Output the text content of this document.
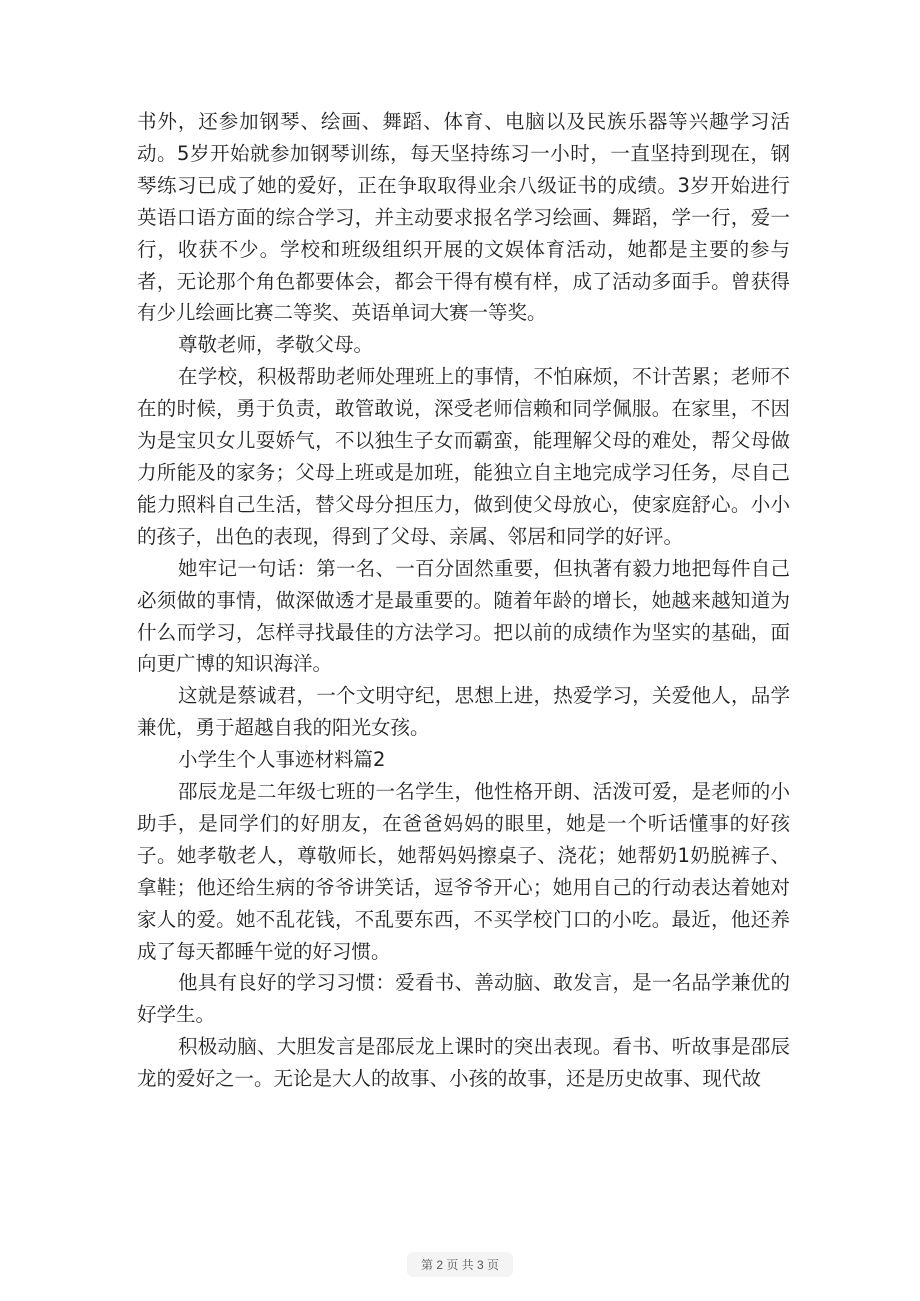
书外，还参加钢琴、绘画、舞蹈、体育、电脑以及民族乐器等兴趣学习活动。5岁开始就参加钢琴训练，每天坚持练习一小时，一直坚持到现在，钢琴练习已成了她的爱好，正在争取取得业余八级证书的成绩。3岁开始进行英语口语方面的综合学习，并主动要求报名学习绘画、舞蹈，学一行，爱一行，收获不少。学校和班级组织开展的文娱体育活动，她都是主要的参与者，无论那个角色都要体会，都会干得有模有样，成了活动多面手。曾获得有少儿绘画比赛二等奖、英语单词大赛一等奖。

尊敬老师，孝敬父母。

在学校，积极帮助老师处理班上的事情，不怕麻烦，不计苦累；老师不在的时候，勇于负责，敢管敢说，深受老师信赖和同学佩服。在家里，不因为是宝贝女儿耍娇气，不以独生子女而霸蛮，能理解父母的难处，帮父母做力所能及的家务；父母上班或是加班，能独立自主地完成学习任务，尽自己能力照料自己生活，替父母分担压力，做到使父母放心，使家庭舒心。小小的孩子，出色的表现，得到了父母、亲属、邻居和同学的好评。

她牢记一句话：第一名、一百分固然重要，但执著有毅力地把每件自己必须做的事情，做深做透才是最重要的。随着年龄的增长，她越来越知道为什么而学习，怎样寻找最佳的方法学习。把以前的成绩作为坚实的基础，面向更广博的知识海洋。

这就是蔡诚君，一个文明守纪，思想上进，热爱学习，关爱他人，品学兼优，勇于超越自我的阳光女孩。

小学生个人事迹材料篇2

邵辰龙是二年级七班的一名学生，他性格开朗、活泼可爱，是老师的小助手，是同学们的好朋友，在爸爸妈妈的眼里，她是一个听话懂事的好孩子。她孝敬老人，尊敬师长，她帮妈妈擦桌子、浇花；她帮奶1奶脱裤子、拿鞋；他还给生病的爷爷讲笑话，逗爷爷开心；她用自己的行动表达着她对家人的爱。她不乱花钱，不乱要东西，不买学校门口的小吃。最近，他还养成了每天都睡午觉的好习惯。

他具有良好的学习习惯：爱看书、善动脑、敢发言，是一名品学兼优的好学生。

积极动脑、大胆发言是邵辰龙上课时的突出表现。看书、听故事是邵辰龙的爱好之一。无论是大人的故事、小孩的故事，还是历史故事、现代故

第 2 页 共 3 页
